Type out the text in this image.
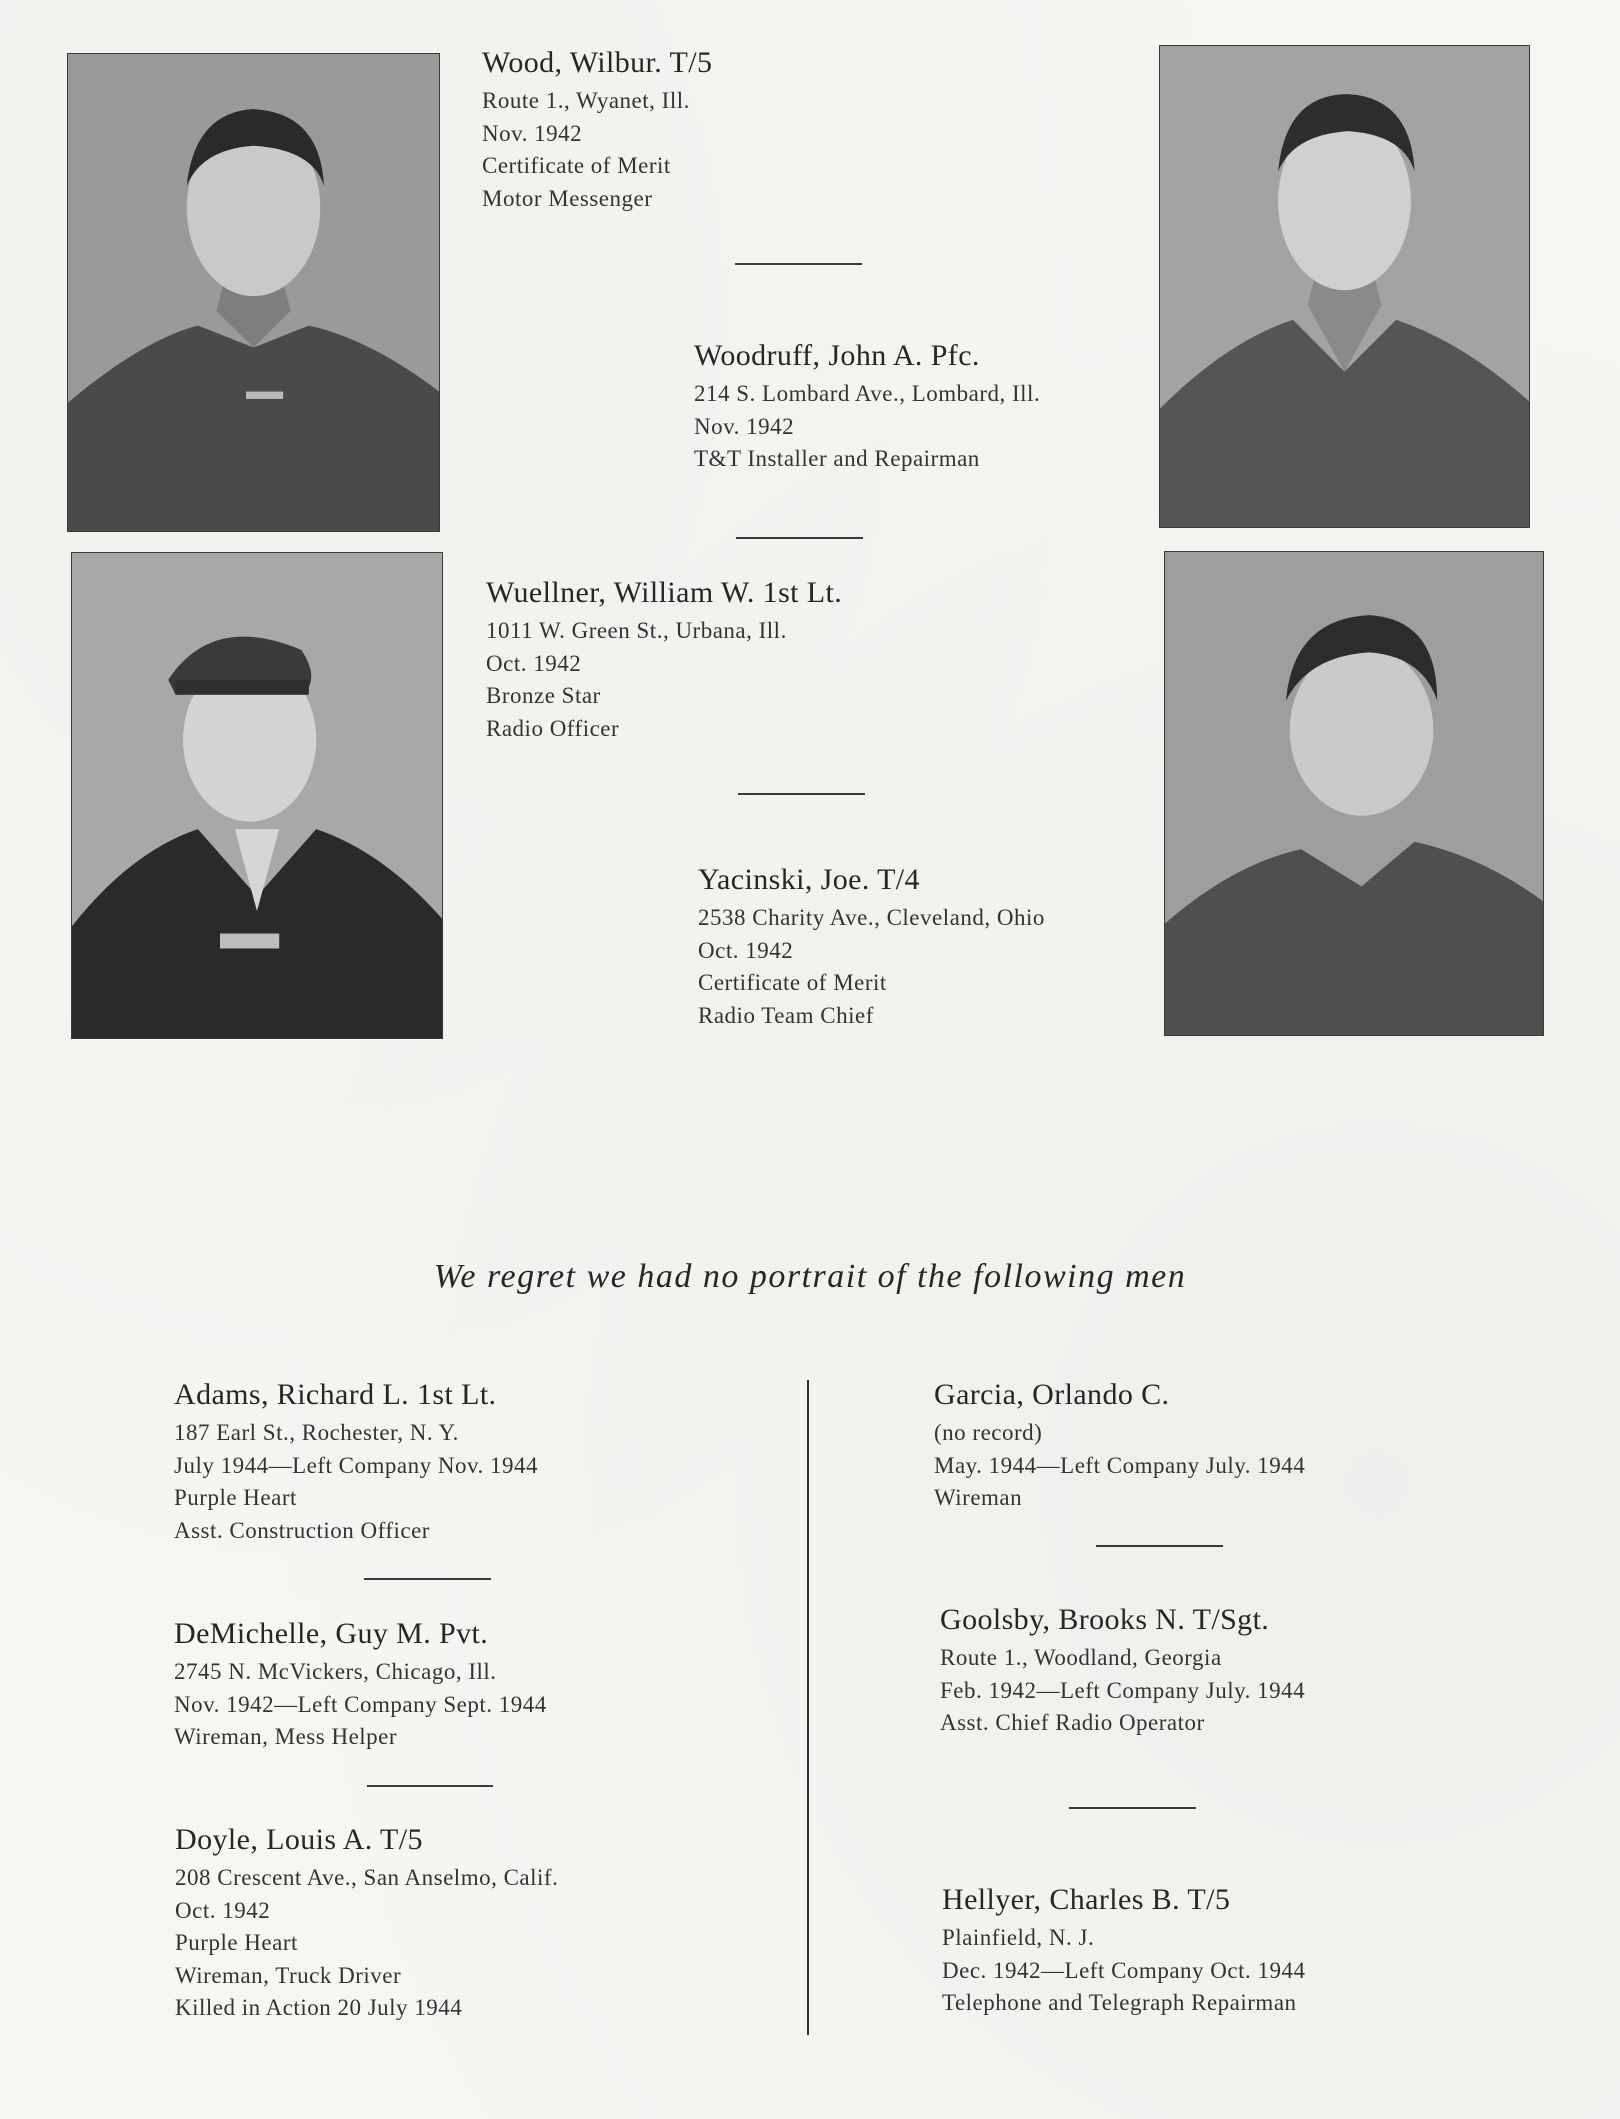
Wood, Wilbur. T/5
Route 1., Wyanet, Ill.
Nov. 1942
Certificate of Merit
Motor Messenger
Woodruff, John A. Pfc.
214 S. Lombard Ave., Lombard, Ill.
Nov. 1942
T&T Installer and Repairman
Wuellner, William W. 1st Lt.
1011 W. Green St., Urbana, Ill.
Oct. 1942
Bronze Star
Radio Officer
Yacinski, Joe. T/4
2538 Charity Ave., Cleveland, Ohio
Oct. 1942
Certificate of Merit
Radio Team Chief
We regret we had no portrait of the following men
Adams, Richard L. 1st Lt.
187 Earl St., Rochester, N. Y.
July 1944—Left Company Nov. 1944
Purple Heart
Asst. Construction Officer
DeMichelle, Guy M. Pvt.
2745 N. McVickers, Chicago, Ill.
Nov. 1942—Left Company Sept. 1944
Wireman, Mess Helper
Doyle, Louis A. T/5
208 Crescent Ave., San Anselmo, Calif.
Oct. 1942
Purple Heart
Wireman, Truck Driver
Killed in Action 20 July 1944
Garcia, Orlando C.
(no record)
May. 1944—Left Company July. 1944
Wireman
Goolsby, Brooks N. T/Sgt.
Route 1., Woodland, Georgia
Feb. 1942—Left Company July. 1944
Asst. Chief Radio Operator
Hellyer, Charles B. T/5
Plainfield, N. J.
Dec. 1942—Left Company Oct. 1944
Telephone and Telegraph Repairman
